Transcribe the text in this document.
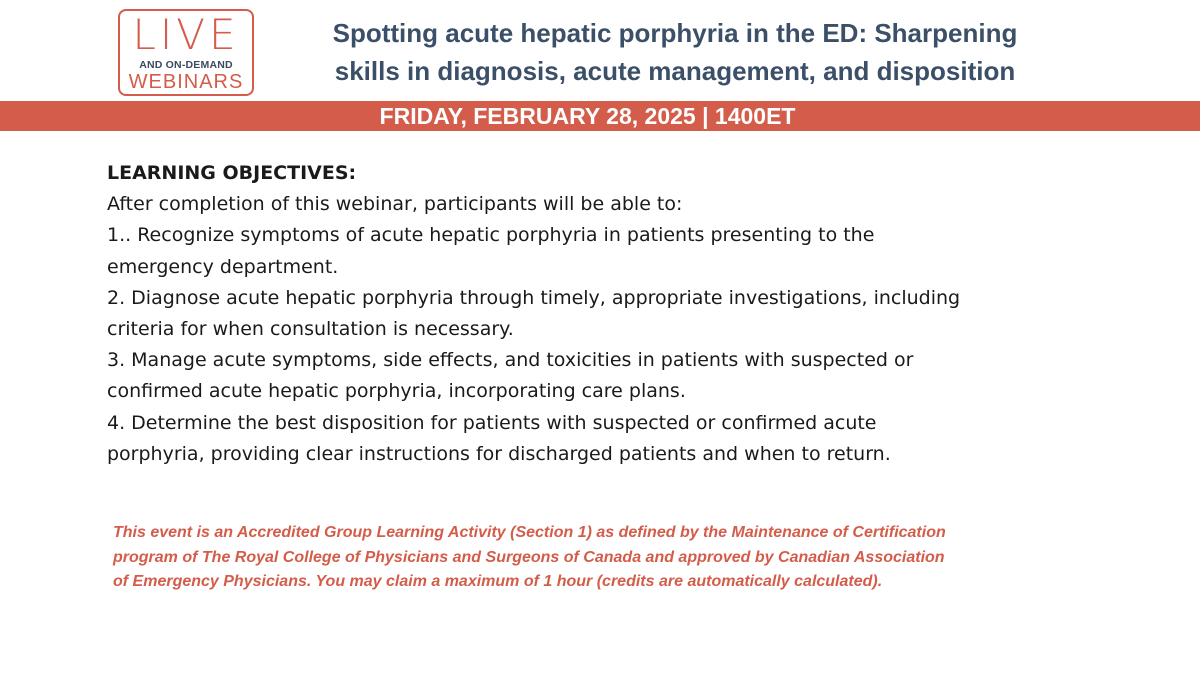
LIVE
AND ON-DEMAND
WEBINARS
Spotting acute hepatic porphyria in the ED: Sharpening
skills in diagnosis, acute management, and disposition
FRIDAY, FEBRUARY 28, 2025 | 1400ET
LEARNING OBJECTIVES:
After completion of this webinar, participants will be able to:
1.. Recognize symptoms of acute hepatic porphyria in patients presenting to the
emergency department.
2. Diagnose acute hepatic porphyria through timely, appropriate investigations, including
criteria for when consultation is necessary.
3. Manage acute symptoms, side effects, and toxicities in patients with suspected or
confirmed acute hepatic porphyria, incorporating care plans.
4. Determine the best disposition for patients with suspected or confirmed acute
porphyria, providing clear instructions for discharged patients and when to return.
This event is an Accredited Group Learning Activity (Section 1) as defined by the Maintenance of Certification
program of The Royal College of Physicians and Surgeons of Canada and approved by Canadian Association
of Emergency Physicians. You may claim a maximum of 1 hour (credits are automatically calculated).
